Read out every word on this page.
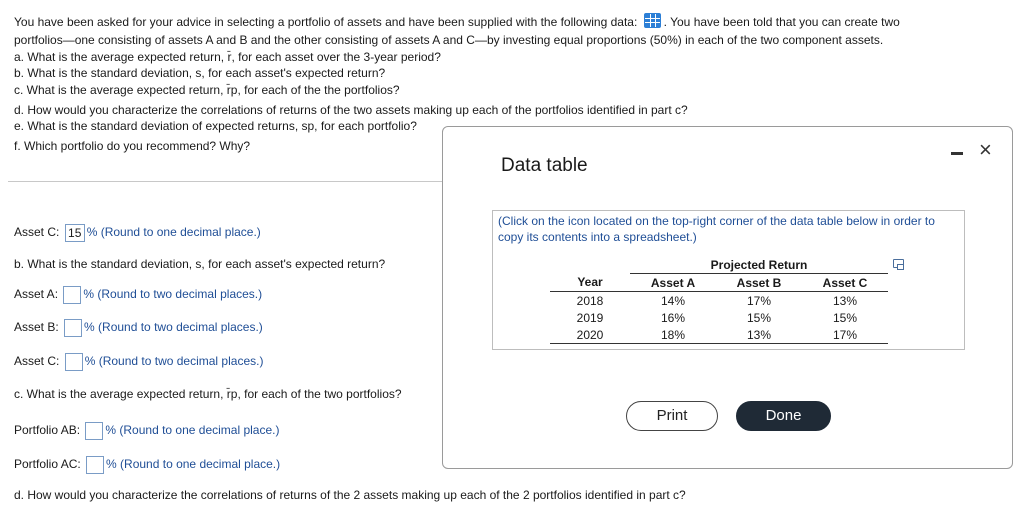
You have been asked for your advice in selecting a portfolio of assets and have been supplied with the following data: . You have been told that you can create two
portfolios—one consisting of assets A and B and the other consisting of assets A and C—by investing equal proportions (50%) in each of the two component assets.
a. What is the average expected return, r̄, for each asset over the 3-year period?
b. What is the standard deviation, s, for each asset's expected return?
c. What is the average expected return, r̄p, for each of the the portfolios?
d. How would you characterize the correlations of returns of the two assets making up each of the portfolios identified in part c?
e. What is the standard deviation of expected returns, sp, for each portfolio?
f. Which portfolio do you recommend? Why?
Asset C: 15 % (Round to one decimal place.)
b. What is the standard deviation, s, for each asset's expected return?
Asset A: % (Round to two decimal places.)
Asset B: % (Round to two decimal places.)
Asset C: % (Round to two decimal places.)
c. What is the average expected return, r̄p, for each of the two portfolios?
Portfolio AB: % (Round to one decimal place.)
Portfolio AC: % (Round to one decimal place.)
d. How would you characterize the correlations of returns of the 2 assets making up each of the 2 portfolios identified in part c?
Data table
×
(Click on the icon located on the top-right corner of the data table below in order to copy its contents into a spreadsheet.)
	Projected Return		
Year	Asset A	Asset B	Asset C
2018	14%	17%	13%
2019	16%	15%	15%
2020	18%	13%	17%
Print	Done
